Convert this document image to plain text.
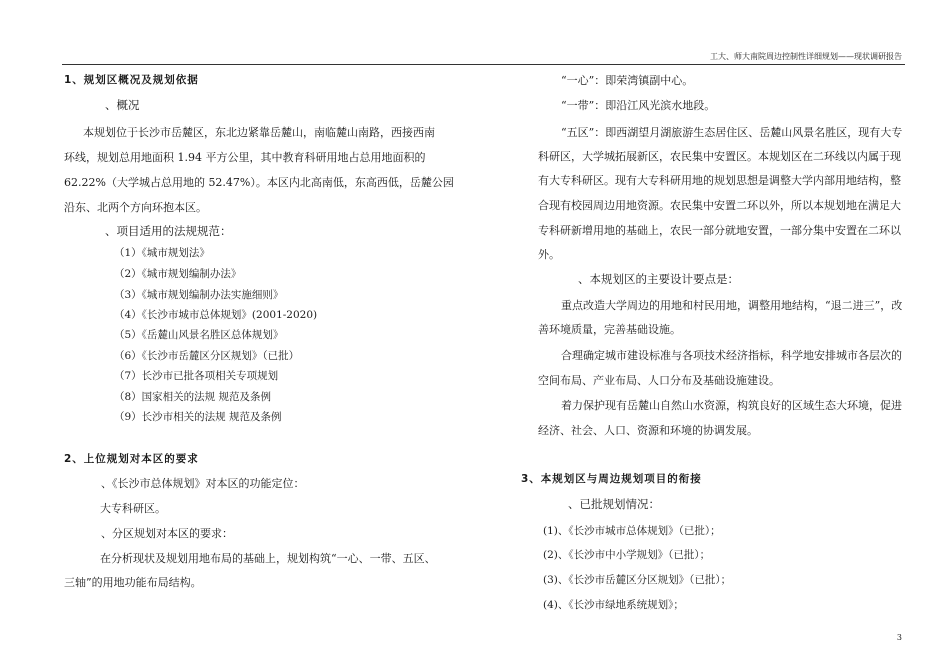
工大、师大南院周边控制性详细规划——现状调研报告
1、规划区概况及规划依据
、概况
本规划位于长沙市岳麓区，东北边紧靠岳麓山，南临麓山南路，西接西南
环线，规划总用地面积 1.94 平方公里，其中教育科研用地占总用地面积的
62.22%（大学城占总用地的 52.47%）。本区内北高南低，东高西低，岳麓公园
沿东、北两个方向环抱本区。
、项目适用的法规规范：
（1）《城市规划法》
（2）《城市规划编制办法》
（3）《城市规划编制办法实施细则》
（4）《长沙市城市总体规划》(2001-2020)
（5）《岳麓山风景名胜区总体规划》
（6）《长沙市岳麓区分区规划》（已批）
（7）长沙市已批各项相关专项规划
（8）国家相关的法规 规范及条例
（9）长沙市相关的法规 规范及条例
2、上位规划对本区的要求
、《长沙市总体规划》对本区的功能定位：
大专科研区。
、分区规划对本区的要求：
在分析现状及规划用地布局的基础上，规划构筑“一心、一带、五区、
三轴”的用地功能布局结构。
“一心”：即荣湾镇副中心。
“一带”：即沿江风光滨水地段。
“五区”：即西湖望月湖旅游生态居住区、岳麓山风景名胜区，现有大专
科研区，大学城拓展新区，农民集中安置区。本规划区在二环线以内属于现
有大专科研区。现有大专科研用地的规划思想是调整大学内部用地结构，整
合现有校园周边用地资源。农民集中安置二环以外，所以本规划地在满足大
专科研新增用地的基础上，农民一部分就地安置，一部分集中安置在二环以
外。
、本规划区的主要设计要点是：
重点改造大学周边的用地和村民用地，调整用地结构，“退二进三”，改
善环境质量，完善基础设施。
合理确定城市建设标准与各项技术经济指标，科学地安排城市各层次的
空间布局、产业布局、人口分布及基础设施建设。
着力保护现有岳麓山自然山水资源，构筑良好的区域生态大环境，促进
经济、社会、人口、资源和环境的协调发展。
3、本规划区与周边规划项目的衔接
、已批规划情况：
(1)、《长沙市城市总体规划》（已批）；
(2)、《长沙市中小学规划》（已批）；
(3)、《长沙市岳麓区分区规划》（已批）；
(4)、《长沙市绿地系统规划》；
3
